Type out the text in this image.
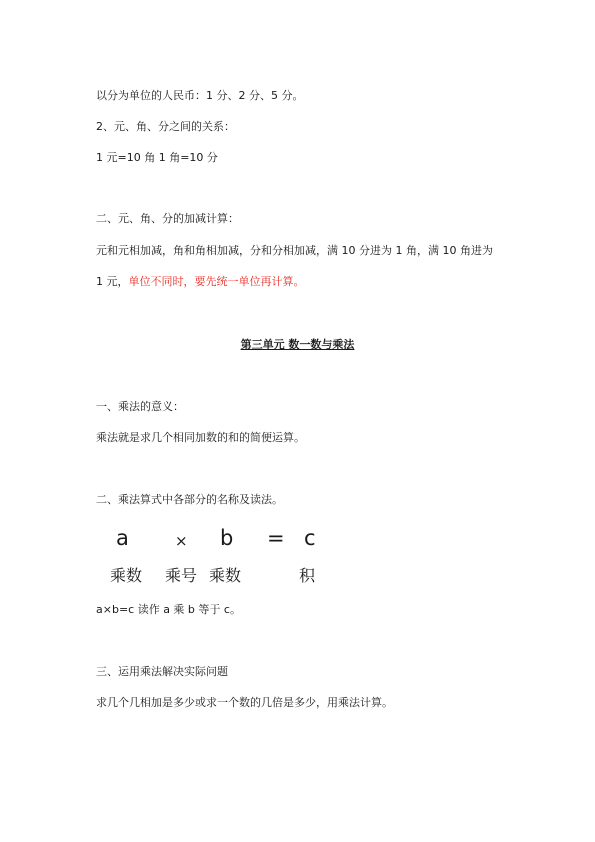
以分为单位的人民币：1 分、2 分、5 分。
2、元、角、分之间的关系：
1 元=10 角 1 角=10 分
二、元、角、分的加减计算：
元和元相加减，角和角相加减，分和分相加减，满 10 分进为 1 角，满 10 角进为
1 元，单位不同时，要先统一单位再计算。
第三单元 数一数与乘法
一、乘法的意义：
乘法就是求几个相同加数的和的简便运算。
二、乘法算式中各部分的名称及读法。
a	× b = c
乘数 乘号 乘数	积
a×b=c 读作 a 乘 b 等于 c。
三、运用乘法解决实际问题
求几个几相加是多少或求一个数的几倍是多少，用乘法计算。
